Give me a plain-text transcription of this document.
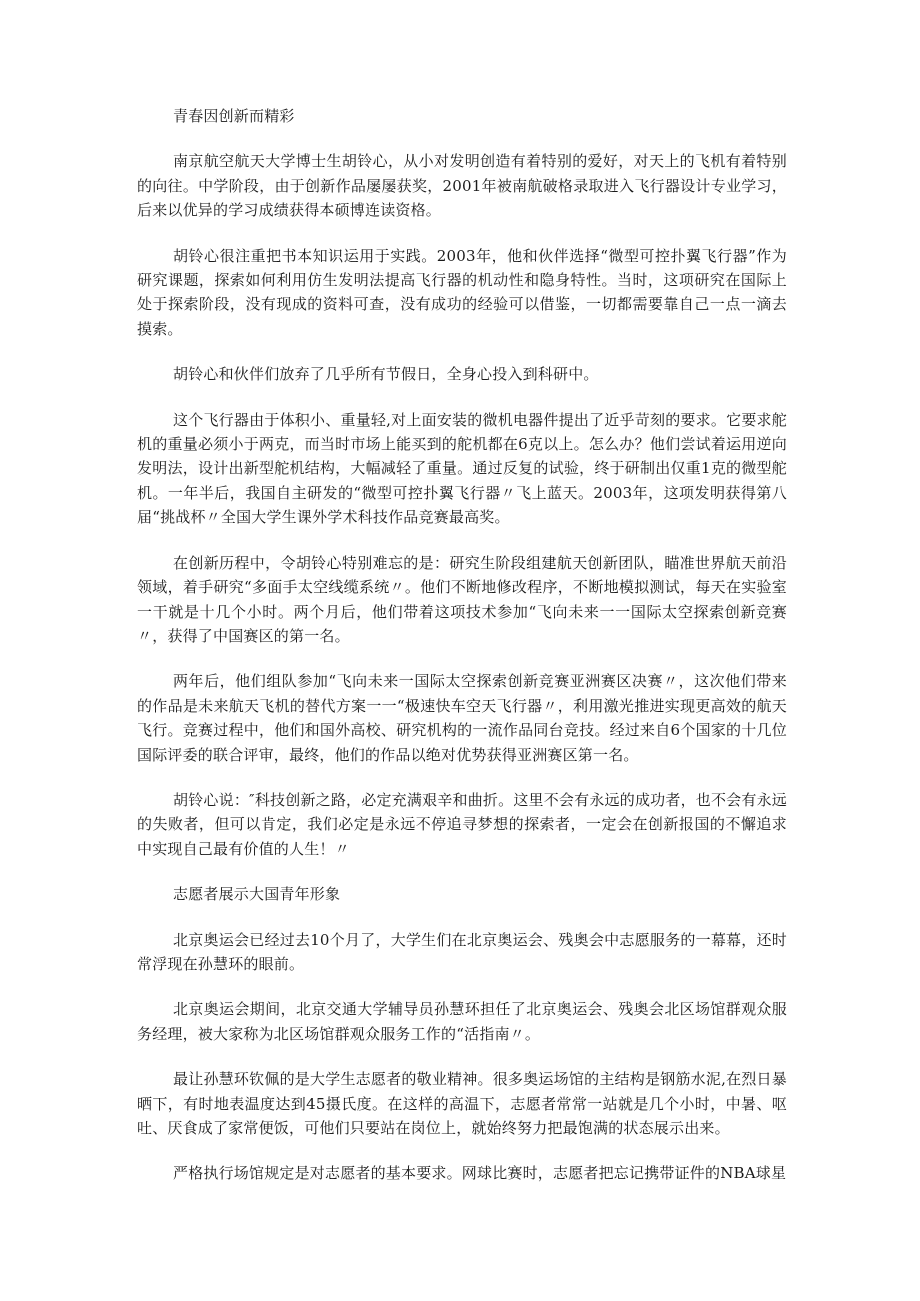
青春因创新而精彩

南京航空航天大学博士生胡铃心，从小对发明创造有着特别的爱好，对天上的飞机有着特别的向往。中学阶段，由于创新作品屡屡获奖，2001年被南航破格录取进入飞行器设计专业学习，后来以优异的学习成绩获得本硕博连读资格。

胡铃心很注重把书本知识运用于实践。2003年，他和伙伴选择“微型可控扑翼飞行器”作为研究课题，探索如何利用仿生发明法提高飞行器的机动性和隐身特性。当时，这项研究在国际上处于探索阶段，没有现成的资料可查，没有成功的经验可以借鉴，一切都需要靠自己一点一滴去摸索。

胡铃心和伙伴们放弃了几乎所有节假日，全身心投入到科研中。

这个飞行器由于体积小、重量轻,对上面安装的微机电器件提出了近乎苛刻的要求。它要求舵机的重量必须小于两克，而当时市场上能买到的舵机都在6克以上。怎么办？他们尝试着运用逆向发明法，设计出新型舵机结构，大幅减轻了重量。通过反复的试验，终于研制出仅重1克的微型舵机。一年半后，我国自主研发的“微型可控扑翼飞行器〃飞上蓝天。2003年，这项发明获得第八届“挑战杯〃全国大学生课外学术科技作品竞赛最高奖。

在创新历程中，令胡铃心特别难忘的是：研究生阶段组建航天创新团队，瞄准世界航天前沿领域，着手研究“多面手太空线缆系统〃。他们不断地修改程序，不断地模拟测试，每天在实验室一干就是十几个小时。两个月后，他们带着这项技术参加“飞向未来一一国际太空探索创新竞赛〃，获得了中国赛区的第一名。

两年后，他们组队参加“飞向未来一国际太空探索创新竞赛亚洲赛区决赛〃，这次他们带来的作品是未来航天飞机的替代方案一一“极速快车空天飞行器〃，利用激光推进实现更高效的航天飞行。竞赛过程中，他们和国外高校、研究机构的一流作品同台竞技。经过来自6个国家的十几位国际评委的联合评审，最终，他们的作品以绝对优势获得亚洲赛区第一名。

胡铃心说：″科技创新之路，必定充满艰辛和曲折。这里不会有永远的成功者，也不会有永远的失败者，但可以肯定，我们必定是永远不停追寻梦想的探索者，一定会在创新报国的不懈追求中实现自己最有价值的人生！〃

志愿者展示大国青年形象

北京奥运会已经过去10个月了，大学生们在北京奥运会、残奥会中志愿服务的一幕幕，还时常浮现在孙慧环的眼前。

北京奥运会期间，北京交通大学辅导员孙慧环担任了北京奥运会、残奥会北区场馆群观众服务经理，被大家称为北区场馆群观众服务工作的“活指南〃。

最让孙慧环钦佩的是大学生志愿者的敬业精神。很多奥运场馆的主结构是钢筋水泥,在烈日暴晒下，有时地表温度达到45摄氏度。在这样的高温下，志愿者常常一站就是几个小时，中暑、呕吐、厌食成了家常便饭，可他们只要站在岗位上，就始终努力把最饱满的状态展示出来。

严格执行场馆规定是对志愿者的基本要求。网球比赛时，志愿者把忘记携带证件的NBA球星
